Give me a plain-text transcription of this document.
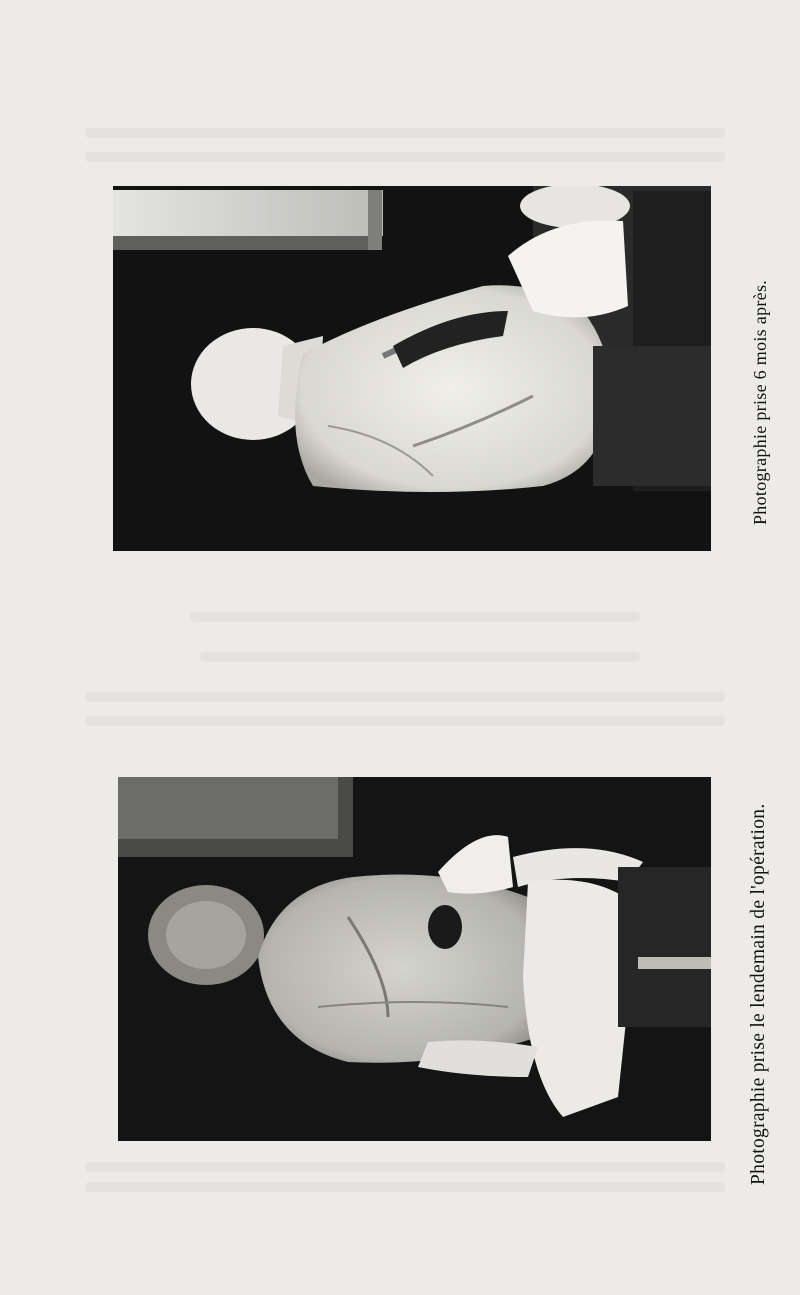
Photographie prise 6 mois après.
Photographie prise le lendemain de l'opération.
